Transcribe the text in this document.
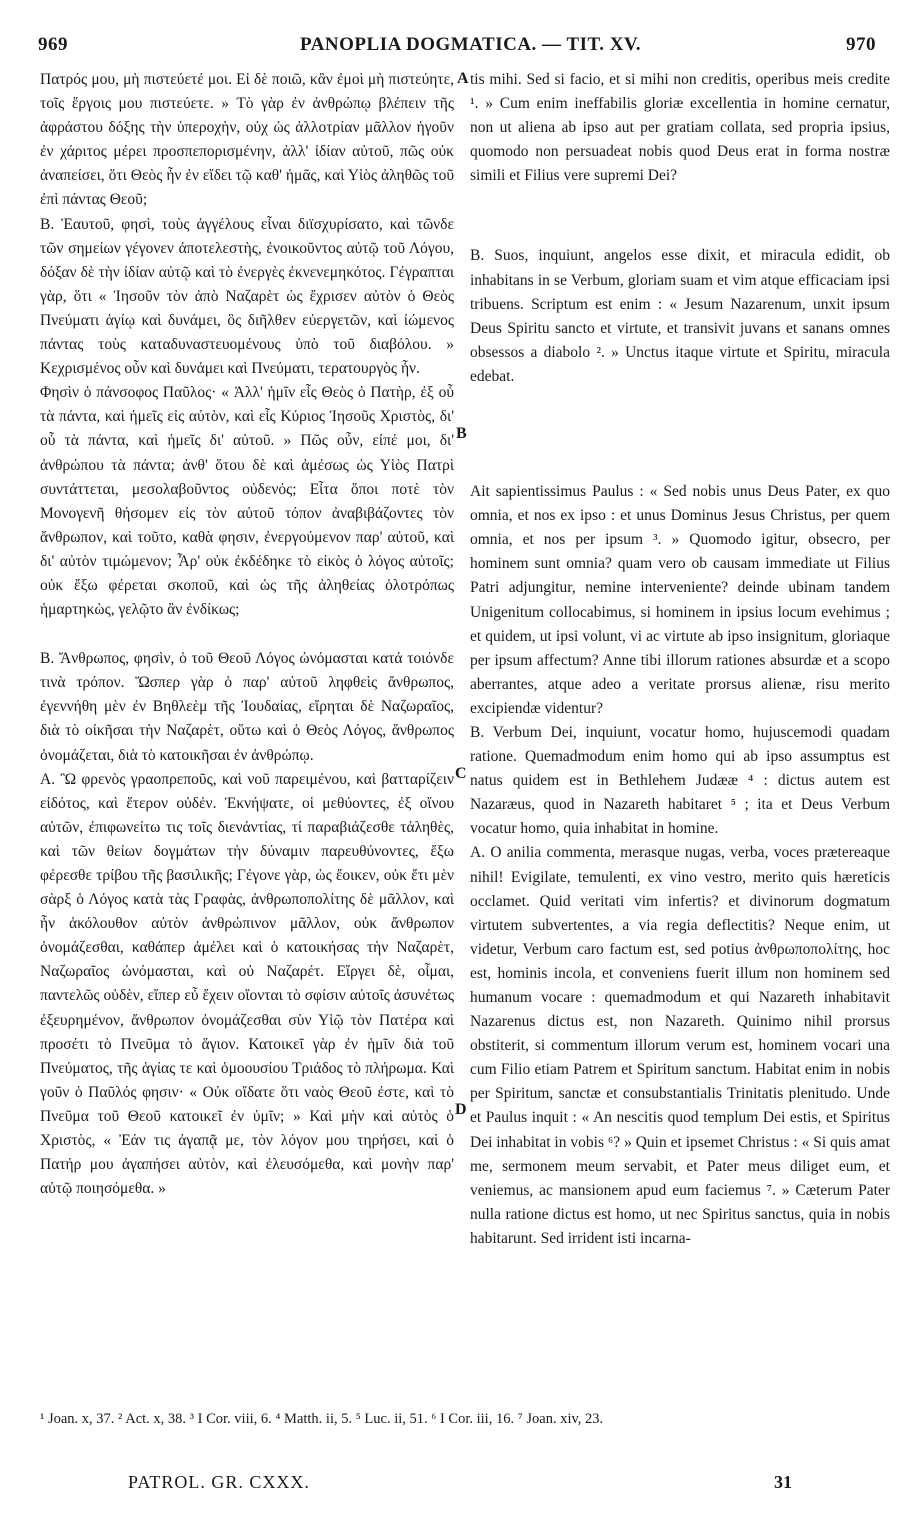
969	PANOPLIA DOGMATICA. — TIT. XV.	970

Πατρός μου, μὴ πιστεύετέ μοι. Εἰ δὲ ποιῶ, κἂν ἐμοὶ μὴ πιστεύητε, τοῖς ἔργοις μου πιστεύετε. » Τὸ γὰρ ἐν ἀνθρώπῳ βλέπειν τῆς ἀφράστου δόξης τὴν ὑπεροχὴν, οὐχ ὡς ἀλλοτρίαν μᾶλλον ἡγοῦν ἐν χάριτος μέρει προσπεπορισμένην, ἀλλ' ἰδίαν αὐτοῦ, πῶς οὐκ ἀναπείσει, ὅτι Θεὸς ἦν ἐν εἴδει τῷ καθ' ἡμᾶς, καὶ Υἱὸς ἀληθῶς τοῦ ἐπὶ πάντας Θεοῦ;

Β. Ἑαυτοῦ, φησὶ, τοὺς ἀγγέλους εἶναι διϊσχυρίσατο, καὶ τῶνδε τῶν σημείων γέγονεν ἀποτελεστὴς, ἐνοικοῦντος αὐτῷ τοῦ Λόγου, δόξαν δὲ τὴν ἰδίαν αὐτῷ καὶ τὸ ἐνεργὲς ἐκνενεμηκότος. Γέγραπται γὰρ, ὅτι « Ἰησοῦν τὸν ἀπὸ Ναζαρὲτ ὡς ἔχρισεν αὐτὸν ὁ Θεὸς Πνεύματι ἁγίῳ καὶ δυνάμει, ὃς διῆλθεν εὐεργετῶν, καὶ ἰώμενος πάντας τοὺς καταδυναστευομένους ὑπὸ τοῦ διαβόλου. » Κεχρισμένος οὖν καὶ δυνάμει καὶ Πνεύματι, τερατουργὸς ἦν.

Φησὶν ὁ πάνσοφος Παῦλος· « Ἀλλ' ἡμῖν εἷς Θεὸς ὁ Πατὴρ, ἐξ οὗ τὰ πάντα, καὶ ἡμεῖς εἰς αὐτὸν, καὶ εἷς Κύριος Ἰησοῦς Χριστὸς, δι' οὗ τὰ πάντα, καὶ ἡμεῖς δι' αὐτοῦ. » Πῶς οὖν, εἰπέ μοι, δι' ἀνθρώπου τὰ πάντα; ἀνθ' ὅτου δὲ καὶ ἀμέσως ὡς Υἱὸς Πατρὶ συντάττεται, μεσολαβοῦντος οὐδενός; Εἶτα ὅποι ποτὲ τὸν Μονογενῆ θήσομεν εἰς τὸν αὐτοῦ τόπον ἀναβιβάζοντες τὸν ἄνθρωπον, καὶ τοῦτο, καθὰ φησιν, ἐνεργούμενον παρ' αὐτοῦ, καὶ δι' αὐτὸν τιμώμενον; Ἆρ' οὐκ ἐκδέδηκε τὸ εἰκὸς ὁ λόγος αὐτοῖς; οὐκ ἔξω φέρεται σκοποῦ, καὶ ὡς τῆς ἀληθείας ὁλοτρόπως ἡμαρτηκὼς, γελῷτο ἂν ἐνδίκως;

Β. Ἄνθρωπος, φησὶν, ὁ τοῦ Θεοῦ Λόγος ὠνόμασται κατά τοιόνδε τινὰ τρόπον. Ὥσπερ γὰρ ὁ παρ' αὐτοῦ ληφθεὶς ἄνθρωπος, ἐγεννήθη μὲν ἐν Βηθλεὲμ τῆς Ἰουδαίας, εἴρηται δὲ Ναζωραῖος, διὰ τὸ οἰκῆσαι τὴν Ναζαρὲτ, οὕτω καὶ ὁ Θεὸς Λόγος, ἄνθρωπος ὀνομάζεται, διὰ τὸ κατοικῆσαι ἐν ἀνθρώπῳ.

Α. Ὢ φρενὸς γραοπρεποῦς, καὶ νοῦ παρειμένου, καὶ βατταρίζειν εἰδότος, καὶ ἕτερον οὐδέν. Ἐκνήψατε, οἱ μεθύοντες, ἐξ οἴνου αὐτῶν, ἐπιφωνείτω τις τοῖς διενάντίας, τί παραβιάζεσθε τἀληθὲς, καὶ τῶν θείων δογμάτων τὴν δύναμιν παρευθύνοντες, ἔξω φέρεσθε τρίβου τῆς βασιλικῆς; Γέγονε γὰρ, ὡς ἔοικεν, οὐκ ἔτι μὲν σὰρξ ὁ Λόγος κατὰ τὰς Γραφὰς, ἀνθρωποπολίτης δὲ μᾶλλον, καὶ ἦν ἀκόλουθον αὐτὸν ἀνθρώπινον μᾶλλον, οὐκ ἄνθρωπον ὀνομάζεσθαι, καθάπερ ἀμέλει καὶ ὁ κατοικήσας τὴν Ναζαρὲτ, Ναζωραῖος ὠνόμασται, καὶ οὐ Ναζαρέτ. Εἴργει δὲ, οἶμαι, παντελῶς οὐδὲν, εἴπερ εὖ ἔχειν οἴονται τὸ σφίσιν αὐτοῖς ἀσυνέτως ἐξευρημένον, ἄνθρωπον ὀνομάζεσθαι σὺν Υἱῷ τὸν Πατέρα καὶ προσέτι τὸ Πνεῦμα τὸ ἅγιον. Κατοικεῖ γὰρ ἐν ἡμῖν διὰ τοῦ Πνεύματος, τῆς ἁγίας τε καὶ ὁμοουσίου Τριάδος τὸ πλήρωμα. Καὶ γοῦν ὁ Παῦλός φησιν· « Οὐκ οἴδατε ὅτι ναὸς Θεοῦ ἐστε, καὶ τὸ Πνεῦμα τοῦ Θεοῦ κατοικεῖ ἐν ὑμῖν; » Καὶ μὴν καὶ αὐτὸς ὁ Χριστὸς, « Ἐάν τις ἀγαπᾷ με, τὸν λόγον μου τηρήσει, καὶ ὁ Πατήρ μου ἀγαπήσει αὐτὸν, καὶ ἐλευσόμεθα, καὶ μονὴν παρ' αὐτῷ ποιησόμεθα. »

A
B
C
D

tis mihi. Sed si facio, et si mihi non creditis, operibus meis credite ¹. » Cum enim ineffabilis gloriæ excellentia in homine cernatur, non ut aliena ab ipso aut per gratiam collata, sed propria ipsius, quomodo non persuadeat nobis quod Deus erat in forma nostræ simili et Filius vere supremi Dei?

B. Suos, inquiunt, angelos esse dixit, et miracula edidit, ob inhabitans in se Verbum, gloriam suam et vim atque efficaciam ipsi tribuens. Scriptum est enim : « Jesum Nazarenum, unxit ipsum Deus Spiritu sancto et virtute, et transivit juvans et sanans omnes obsessos a diabolo ². » Unctus itaque virtute et Spiritu, miracula edebat.

Ait sapientissimus Paulus : « Sed nobis unus Deus Pater, ex quo omnia, et nos ex ipso : et unus Dominus Jesus Christus, per quem omnia, et nos per ipsum ³. » Quomodo igitur, obsecro, per hominem sunt omnia? quam vero ob causam immediate ut Filius Patri adjungitur, nemine interveniente? deinde ubinam tandem Unigenitum collocabimus, si hominem in ipsius locum evehimus ; et quidem, ut ipsi volunt, vi ac virtute ab ipso insignitum, gloriaque per ipsum affectum? Anne tibi illorum rationes absurdæ et a scopo aberrantes, atque adeo a veritate prorsus alienæ, risu merito excipiendæ videntur?

B. Verbum Dei, inquiunt, vocatur homo, hujuscemodi quadam ratione. Quemadmodum enim homo qui ab ipso assumptus est natus quidem est in Bethlehem Judææ ⁴ : dictus autem est Nazaræus, quod in Nazareth habitaret ⁵ ; ita et Deus Verbum vocatur homo, quia inhabitat in homine.

A. O anilia commenta, merasque nugas, verba, voces prætereaque nihil! Evigilate, temulenti, ex vino vestro, merito quis hæreticis occlamet. Quid veritati vim infertis? et divinorum dogmatum virtutem subvertentes, a via regia deflectitis? Neque enim, ut videtur, Verbum caro factum est, sed potius ἀνθρωποπολίτης, hoc est, hominis incola, et conveniens fuerit illum non hominem sed humanum vocare : quemadmodum et qui Nazareth inhabitavit Nazarenus dictus est, non Nazareth. Quinimo nihil prorsus obstiterit, si commentum illorum verum est, hominem vocari una cum Filio etiam Patrem et Spiritum sanctum. Habitat enim in nobis per Spiritum, sanctæ et consubstantialis Trinitatis plenitudo. Unde et Paulus inquit : « An nescitis quod templum Dei estis, et Spiritus Dei inhabitat in vobis ⁶? » Quin et ipsemet Christus : « Si quis amat me, sermonem meum servabit, et Pater meus diliget eum, et veniemus, ac mansionem apud eum faciemus ⁷. » Cæterum Pater nulla ratione dictus est homo, ut nec Spiritus sanctus, quia in nobis habitarunt. Sed irrident isti incarna-

¹ Joan. x, 37. ² Act. x, 38. ³ I Cor. viii, 6. ⁴ Matth. ii, 5. ⁵ Luc. ii, 51. ⁶ I Cor. iii, 16. ⁷ Joan. xiv, 23.
PATROL. GR. CXXX.	31
